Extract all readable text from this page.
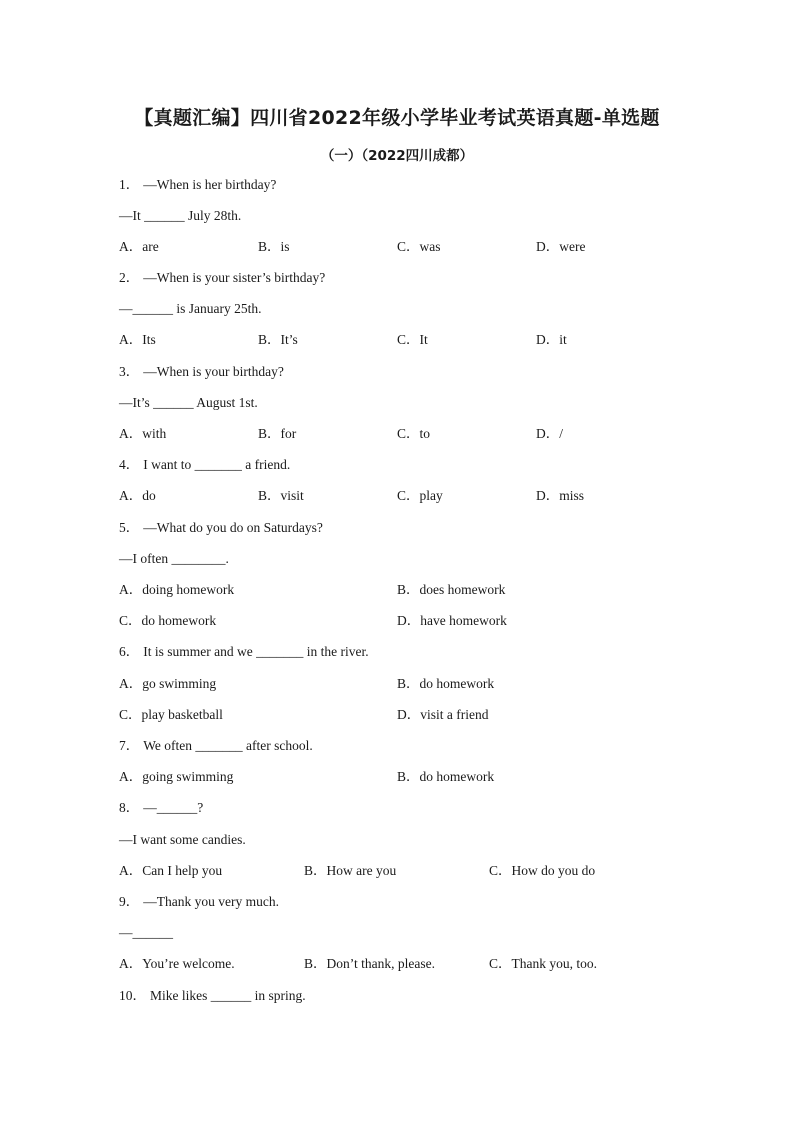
【真题汇编】四川省2022年级小学毕业考试英语真题-单选题
（一）（2022四川成都）
1． —When is her birthday?
—It ______ July 28th.
A．are	B．is	C．was	D．were
2． —When is your sister’s birthday?
—______ is January 25th.
A．Its	B．It’s	C．It	D．it
3． —When is your birthday?
—It’s ______ August 1st.
A．with	B．for	C．to	D．/
4． I want to _______ a friend.
A．do	B．visit	C．play	D．miss
5． —What do you do on Saturdays?
—I often ________.
A．doing homework	B．does homework
C．do homework	D．have homework
6． It is summer and we _______ in the river.
A．go swimming	B．do homework
C．play basketball	D．visit a friend
7． We often _______ after school.
A．going swimming	B．do homework
8． —______?
—I want some candies.
A．Can I help you	B．How are you	C．How do you do
9． —Thank you very much.
—______
A．You’re welcome.	B．Don’t thank, please.	C．Thank you, too.
10． Mike likes ______ in spring.
